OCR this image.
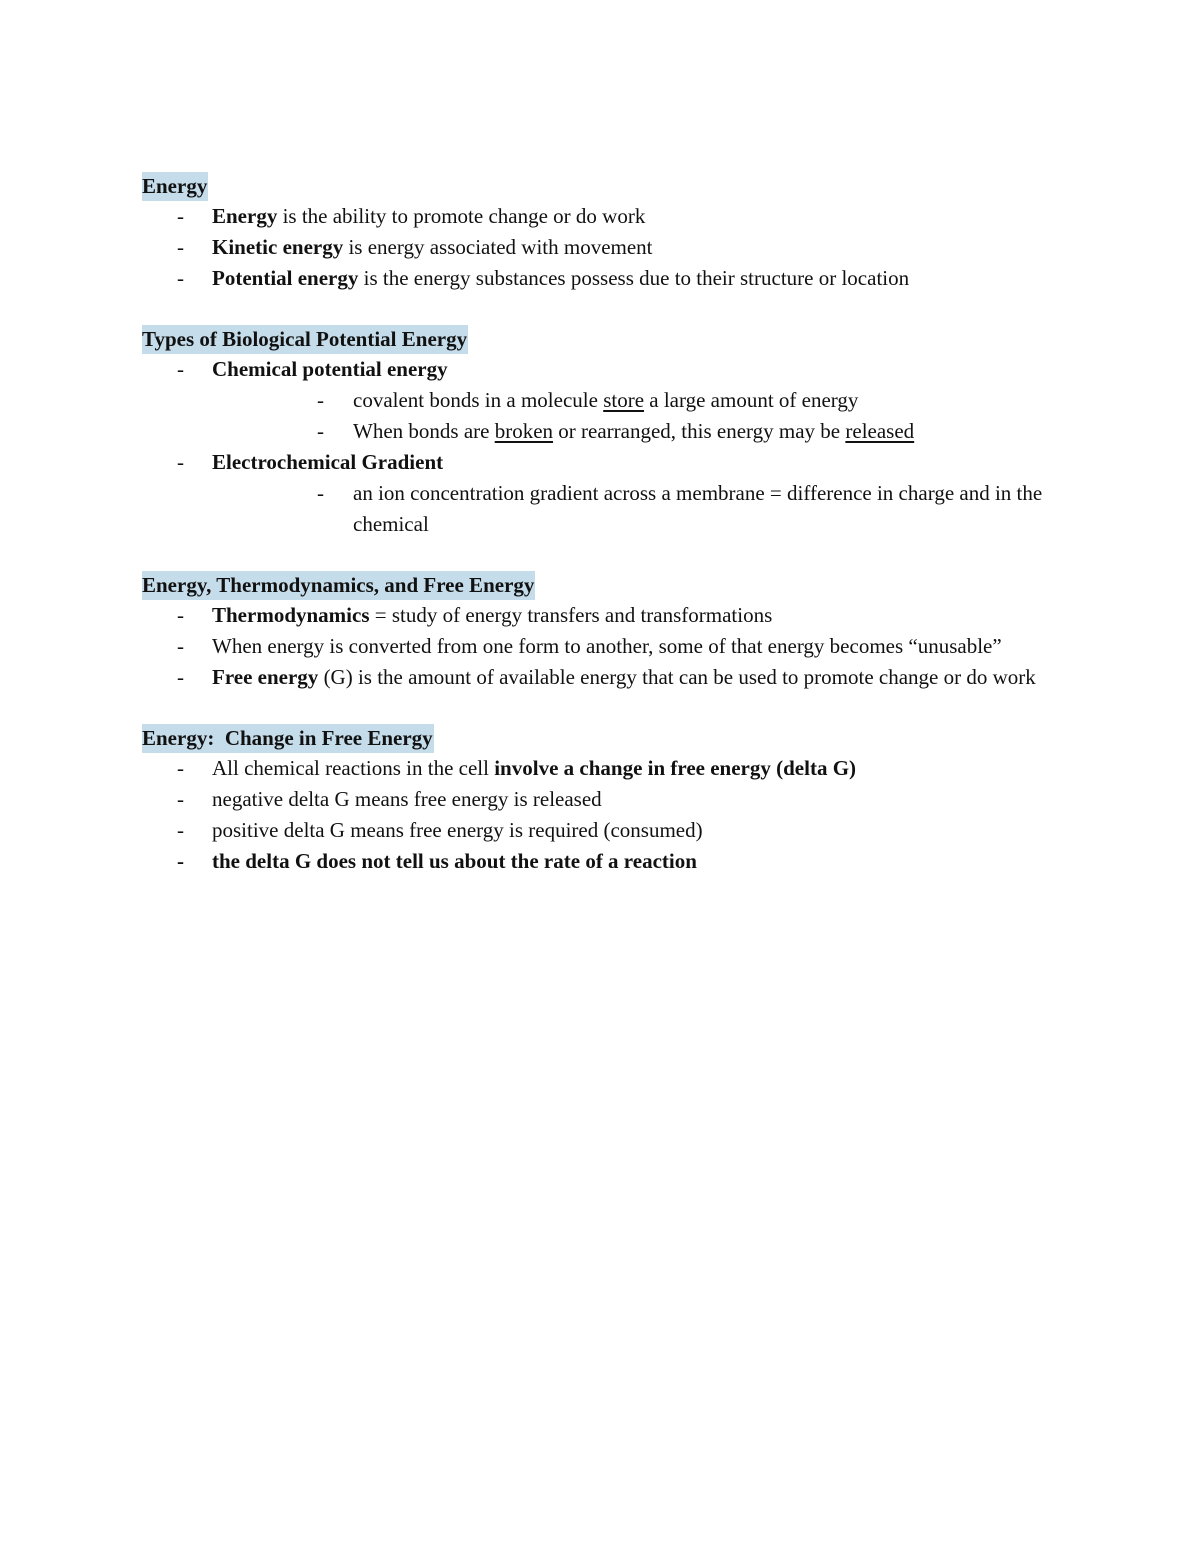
Energy
- Energy is the ability to promote change or do work
- Kinetic energy is energy associated with movement
- Potential energy is the energy substances possess due to their structure or location
Types of Biological Potential Energy
- Chemical potential energy
- covalent bonds in a molecule store a large amount of energy
- When bonds are broken or rearranged, this energy may be released
- Electrochemical Gradient
- an ion concentration gradient across a membrane = difference in charge and in the chemical
Energy, Thermodynamics, and Free Energy
- Thermodynamics = study of energy transfers and transformations
- When energy is converted from one form to another, some of that energy becomes “unusable”
- Free energy (G) is the amount of available energy that can be used to promote change or do work
Energy:  Change in Free Energy
- All chemical reactions in the cell involve a change in free energy (delta G)
- negative delta G means free energy is released
- positive delta G means free energy is required (consumed)
- the delta G does not tell us about the rate of a reaction
